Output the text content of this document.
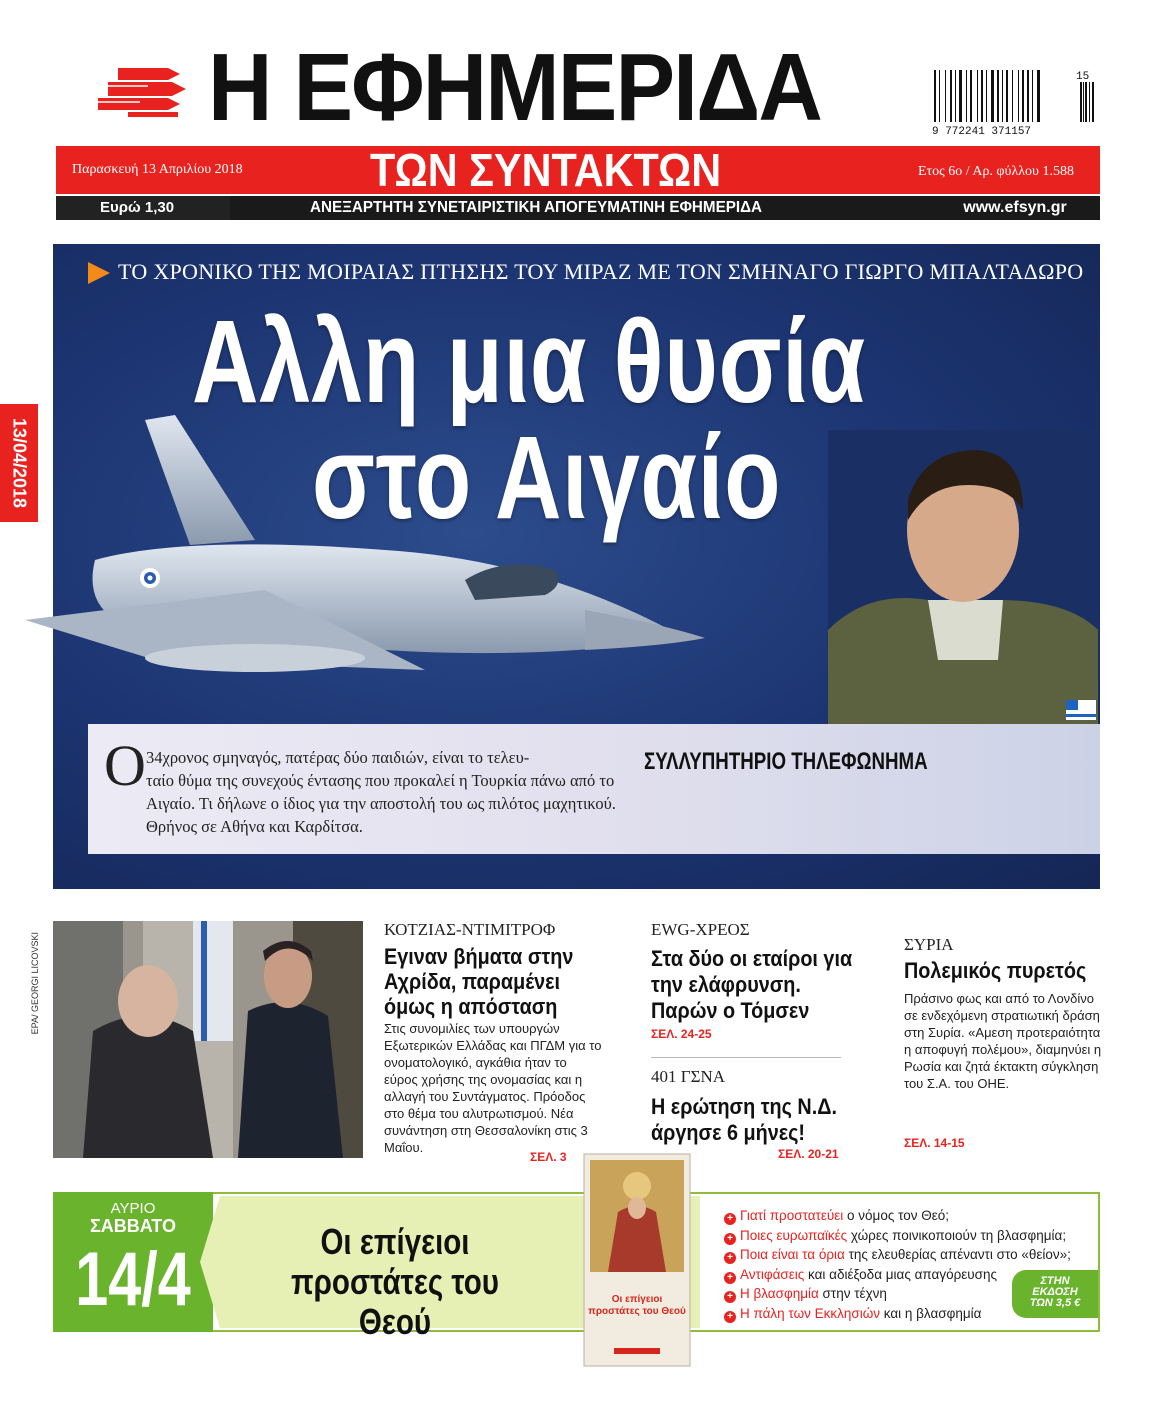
Η ΕΦΗΜΕΡΙΔΑ	9 772241 371157
15
Παρασκευή 13 Απριλίου 2018	ΤΩΝ ΣΥΝΤΑΚΤΩΝ	Ετος 6ο / Αρ. φύλλου 1.588
Ευρώ 1,30	ΑΝΕΞΑΡΤΗΤΗ ΣΥΝΕΤΑΙΡΙΣΤΙΚΗ ΑΠΟΓΕΥΜΑΤΙΝΗ ΕΦΗΜΕΡΙΔΑ	www.efsyn.gr
13/04/2018
ΤΟ ΧΡΟΝΙΚΟ ΤΗΣ ΜΟΙΡΑΙΑΣ ΠΤΗΣΗΣ ΤΟΥ ΜΙΡΑΖ ΜΕ ΤΟΝ ΣΜΗΝΑΓΟ ΓΙΩΡΓΟ ΜΠΑΛΤΑΔΩΡΟ
Αλλη μια θυσία
στο Αιγαίο
Ο 34χρονος σμηναγός, πατέρας δύο παιδιών, είναι το τελευ-
ταίο θύμα της συνεχούς έντασης που προκαλεί η Τουρκία πάνω από το Αιγαίο. Τι δήλωνε ο ίδιος για την αποστολή του ως πιλότος μαχητικού. Θρήνος σε Αθήνα και Καρδίτσα.
ΣΥΛΛΥΠΗΤΗΡΙΟ ΤΗΛΕΦΩΝΗΜΑ
EPA/ GEORGI LICOVSKI
ΚΟΤΖΙΑΣ-ΝΤΙΜΙΤΡΟΦ
Εγιναν βήματα στην Αχρίδα, παραμένει όμως η απόσταση
Στις συνομιλίες των υπουργών Εξωτερικών Ελλάδας και ΠΓΔΜ για το ονοματολογικό, αγκάθια ήταν το εύρος χρήσης της ονομασίας και η αλλαγή του Συντάγματος. Πρόοδος στο θέμα του αλυτρωτισμού. Νέα συνάντηση στη Θεσσαλονίκη στις 3 Μαΐου.
ΣΕΛ. 3
EWG-ΧΡΕΟΣ
Στα δύο οι εταίροι για την ελάφρυνση. Παρών ο Τόμσεν
ΣΕΛ. 24-25
401 ΓΣΝΑ
Η ερώτηση της Ν.Δ. άργησε 6 μήνες!
ΣΕΛ. 20-21
ΣΥΡΙΑ
Πολεμικός πυρετός
Πράσινο φως και από το Λονδίνο σε ενδεχόμενη στρατιωτική δράση στη Συρία. «Αμεση προτεραιότητα η αποφυγή πολέμου», διαμηνύει η Ρωσία και ζητά έκτακτη σύγκληση του Σ.Α. του ΟΗΕ.
ΣΕΛ. 14-15
ΑΥΡΙΟ
ΣΑΒΒΑΤΟ
14/4	Οι επίγειοι προστάτες του Θεού
Οι επίγειοι
προστάτες του Θεού
+ Γιατί προστατεύει ο νόμος τον Θεό;
+ Ποιες ευρωπαϊκές χώρες ποινικοποιούν τη βλασφημία;
+ Ποια είναι τα όρια της ελευθερίας απέναντι στο «θείον»;
+ Αντιφάσεις και αδιέξοδα μιας απαγόρευσης
+ Η βλασφημία στην τέχνη
+ Η πάλη των Εκκλησιών και η βλασφημία
ΣΤΗΝ
ΕΚΔΟΣΗ
ΤΩΝ 3,5 €
